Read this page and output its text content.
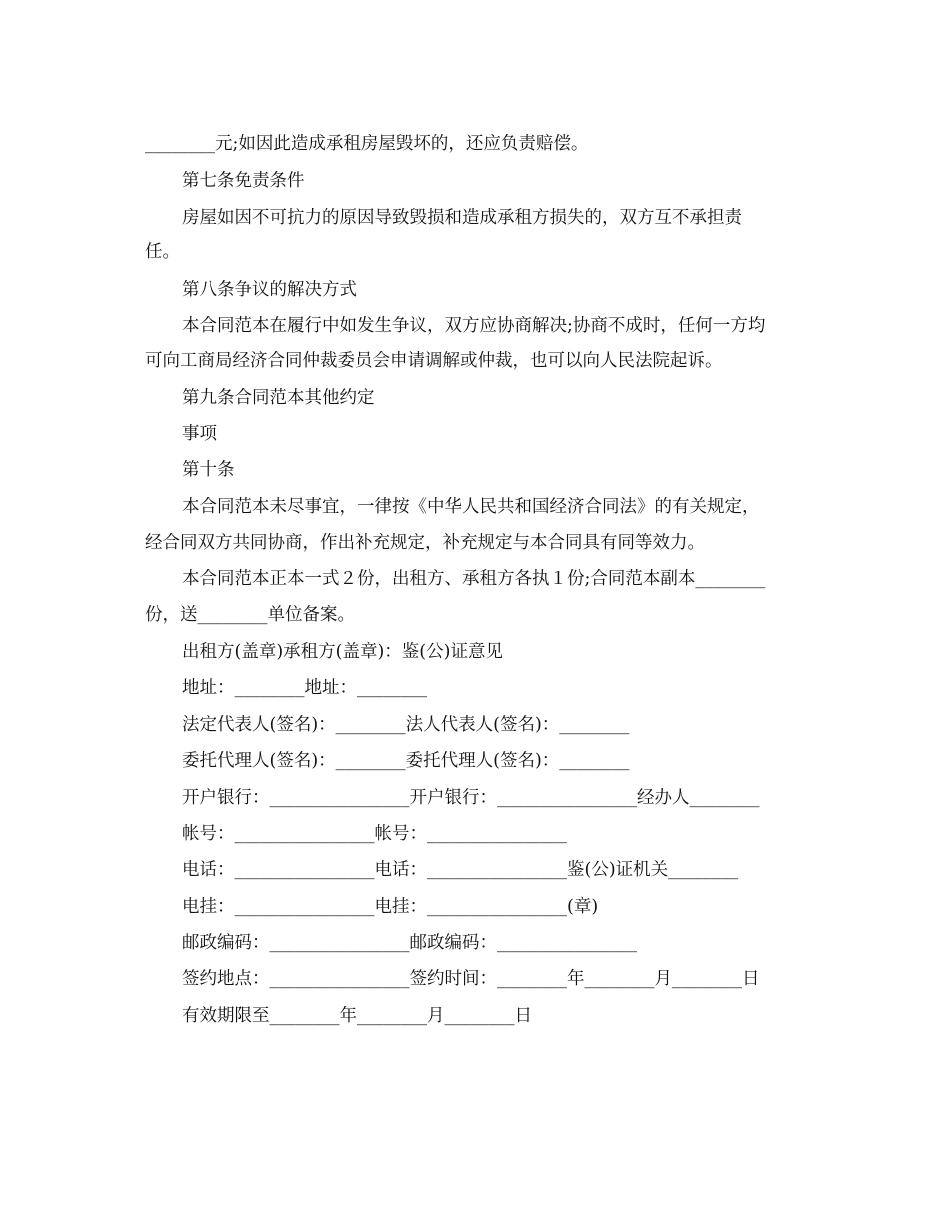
________元;如因此造成承租房屋毁坏的，还应负责赔偿。

第七条免责条件

房屋如因不可抗力的原因导致毁损和造成承租方损失的，双方互不承担责

任。

第八条争议的解决方式

本合同范本在履行中如发生争议，双方应协商解决;协商不成时，任何一方均

可向工商局经济合同仲裁委员会申请调解或仲裁，也可以向人民法院起诉。

第九条合同范本其他约定

事项

第十条

本合同范本未尽事宜，一律按《中华人民共和国经济合同法》的有关规定，

经合同双方共同协商，作出补充规定，补充规定与本合同具有同等效力。

本合同范本正本一式２份，出租方、承租方各执１份;合同范本副本________

份，送________单位备案。

出租方(盖章)承租方(盖章)：鉴(公)证意见

地址：________地址：________

法定代表人(签名)：________法人代表人(签名)：________

委托代理人(签名)：________委托代理人(签名)：________

开户银行：________________开户银行：________________经办人________

帐号：________________帐号：________________

电话：________________电话：________________鉴(公)证机关________

电挂：________________电挂：________________(章)

邮政编码：________________邮政编码：________________

签约地点：________________签约时间：________年________月________日

有效期限至________年________月________日
